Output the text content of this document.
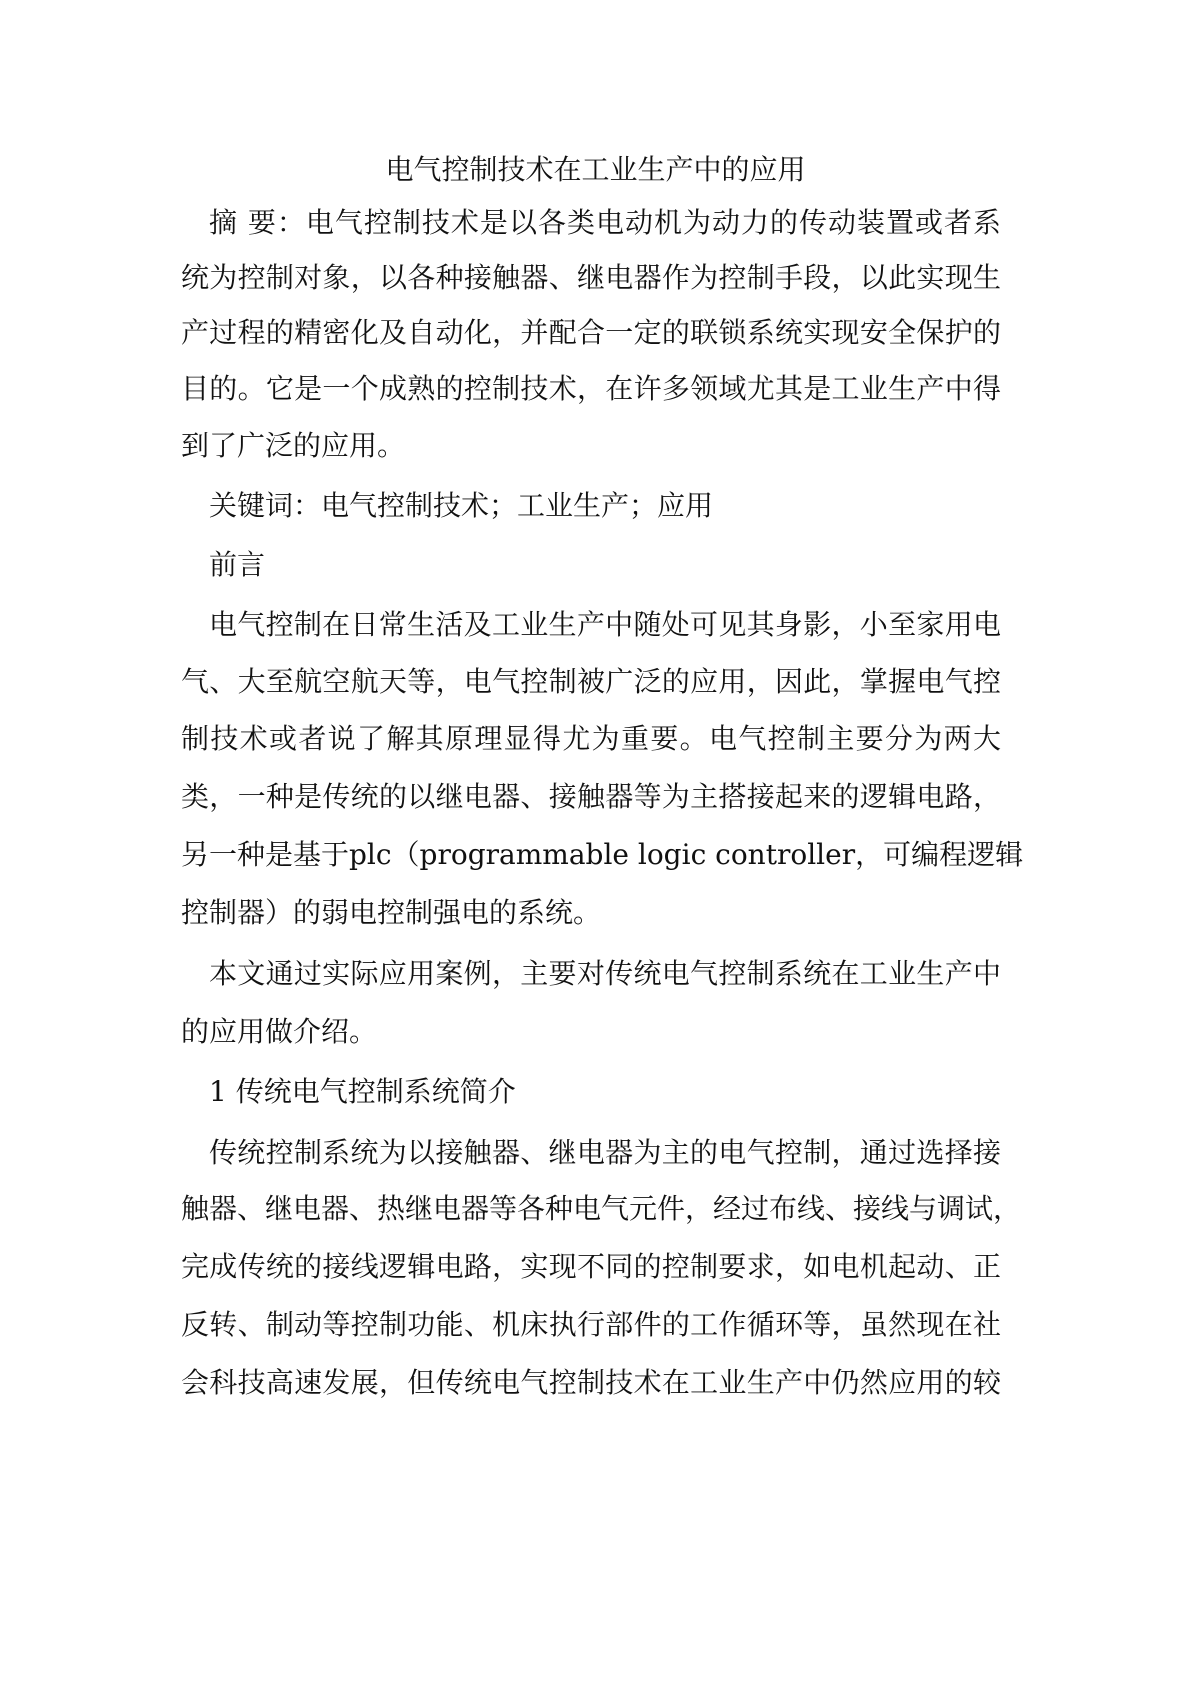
电气控制技术在工业生产中的应用
摘 要：电气控制技术是以各类电动机为动力的传动装置或者系
统为控制对象，以各种接触器、继电器作为控制手段，以此实现生
产过程的精密化及自动化，并配合一定的联锁系统实现安全保护的
目的。它是一个成熟的控制技术，在许多领域尤其是工业生产中得
到了广泛的应用。
关键词：电气控制技术；工业生产；应用
前言
电气控制在日常生活及工业生产中随处可见其身影，小至家用电
气、大至航空航天等，电气控制被广泛的应用，因此，掌握电气控
制技术或者说了解其原理显得尤为重要。电气控制主要分为两大
类，一种是传统的以继电器、接触器等为主搭接起来的逻辑电路，
另一种是基于plc（programmable logic controller，可编程逻辑
控制器）的弱电控制强电的系统。
本文通过实际应用案例，主要对传统电气控制系统在工业生产中
的应用做介绍。
1 传统电气控制系统简介
传统控制系统为以接触器、继电器为主的电气控制，通过选择接
触器、继电器、热继电器等各种电气元件，经过布线、接线与调试，
完成传统的接线逻辑电路，实现不同的控制要求，如电机起动、正
反转、制动等控制功能、机床执行部件的工作循环等，虽然现在社
会科技高速发展，但传统电气控制技术在工业生产中仍然应用的较
